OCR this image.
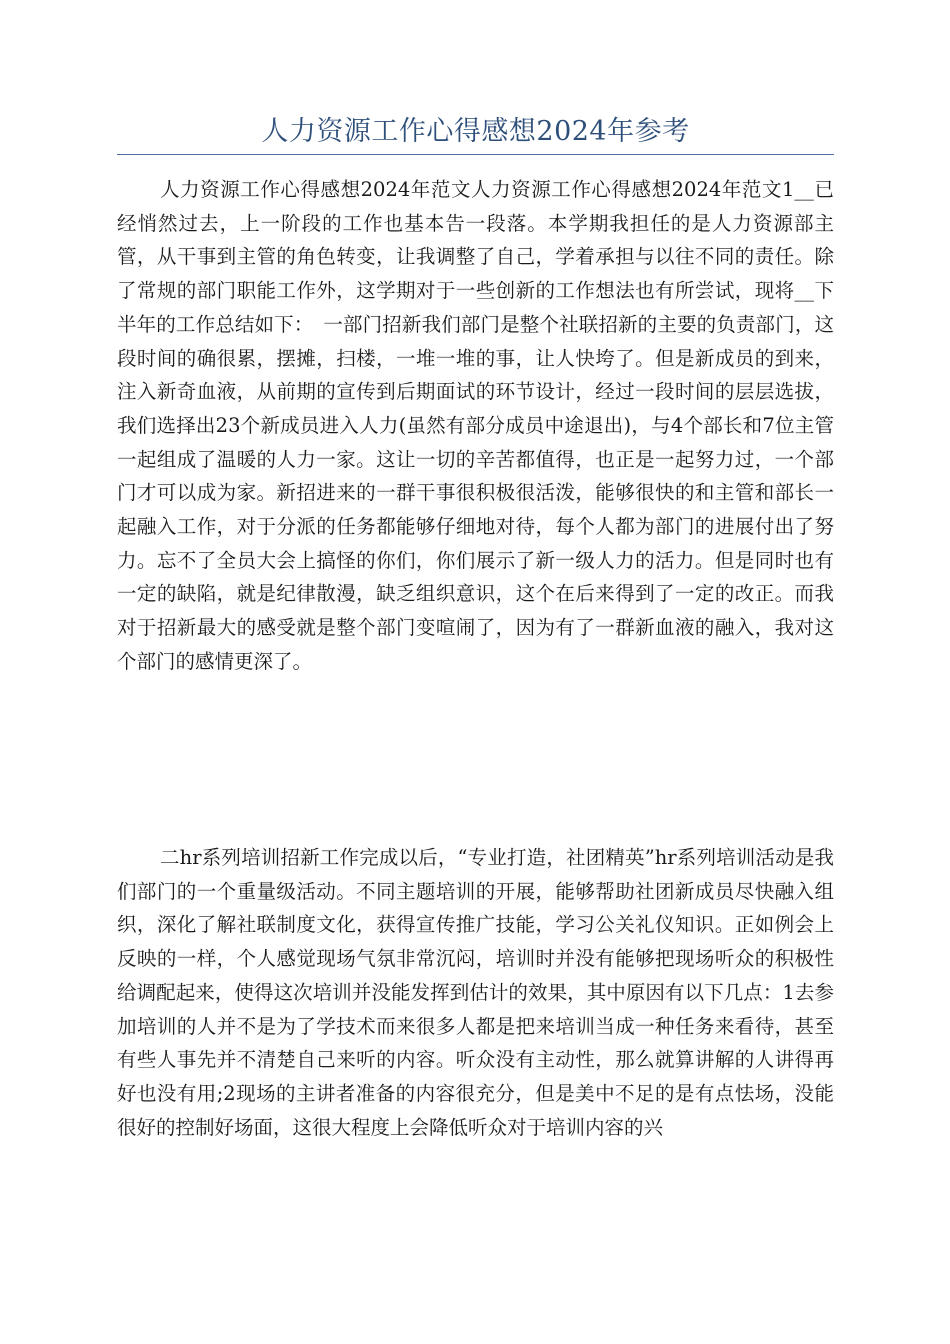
人力资源工作心得感想2024年参考

人力资源工作心得感想2024年范文人力资源工作心得感想2024年范文1__已经悄然过去，上一阶段的工作也基本告一段落。本学期我担任的是人力资源部主管，从干事到主管的角色转变，让我调整了自己，学着承担与以往不同的责任。除了常规的部门职能工作外，这学期对于一些创新的工作想法也有所尝试，现将__下半年的工作总结如下：　一部门招新我们部门是整个社联招新的主要的负责部门，这段时间的确很累，摆摊，扫楼，一堆一堆的事，让人快垮了。但是新成员的到来，注入新奇血液，从前期的宣传到后期面试的环节设计，经过一段时间的层层选拔，我们选择出23个新成员进入人力(虽然有部分成员中途退出)，与4个部长和7位主管一起组成了温暖的人力一家。这让一切的辛苦都值得，也正是一起努力过，一个部门才可以成为家。新招进来的一群干事很积极很活泼，能够很快的和主管和部长一起融入工作，对于分派的任务都能够仔细地对待，每个人都为部门的进展付出了努力。忘不了全员大会上搞怪的你们，你们展示了新一级人力的活力。但是同时也有一定的缺陷，就是纪律散漫，缺乏组织意识，这个在后来得到了一定的改正。而我对于招新最大的感受就是整个部门变喧闹了，因为有了一群新血液的融入，我对这个部门的感情更深了。

二hr系列培训招新工作完成以后，“专业打造，社团精英”hr系列培训活动是我们部门的一个重量级活动。不同主题培训的开展，能够帮助社团新成员尽快融入组织，深化了解社联制度文化，获得宣传推广技能，学习公关礼仪知识。正如例会上反映的一样，个人感觉现场气氛非常沉闷，培训时并没有能够把现场听众的积极性给调配起来，使得这次培训并没能发挥到估计的效果，其中原因有以下几点：1去参加培训的人并不是为了学技术而来很多人都是把来培训当成一种任务来看待，甚至有些人事先并不清楚自己来听的内容。听众没有主动性，那么就算讲解的人讲得再好也没有用;2现场的主讲者准备的内容很充分，但是美中不足的是有点怯场，没能很好的控制好场面，这很大程度上会降低听众对于培训内容的兴
